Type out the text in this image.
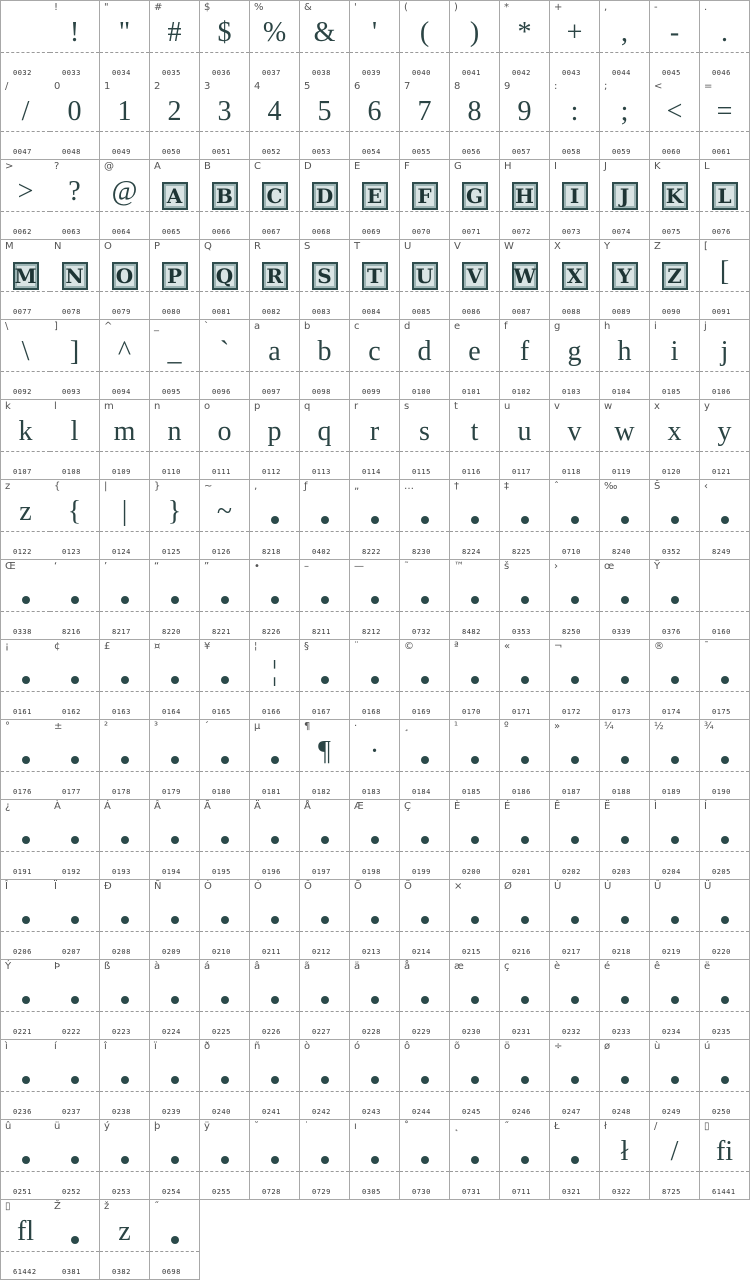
0032
!
!
0033
"
"
0034
#
#
0035
$
$
0036
%
%
0037
&
&
0038
'
'
0039
(
(
0040
)
)
0041
*
*
0042
+
+
0043
,
,
0044
-
-
0045
.
.
0046
/
/
0047
0
0
0048
1
1
0049
2
2
0050
3
3
0051
4
4
0052
5
5
0053
6
6
0054
7
7
0055
8
8
0056
9
9
0057
:
:
0058
;
;
0059
<
<
0060
=
=
0061
>
>
0062
?
?
0063
@
@
0064
A
A
0065
B
B
0066
C
C
0067
D
D
0068
E
E
0069
F
F
0070
G
G
0071
H
H
0072
I
I
0073
J
J
0074
K
K
0075
L
L
0076
M
M
0077
N
N
0078
O
O
0079
P
P
0080
Q
Q
0081
R
R
0082
S
S
0083
T
T
0084
U
U
0085
V
V
0086
W
W
0087
X
X
0088
Y
Y
0089
Z
Z
0090
[
[
0091
\
\
0092
]
]
0093
^
^
0094
_
_
0095
`
`
0096
a
a
0097
b
b
0098
c
c
0099
d
d
0100
e
e
0101
f
f
0102
g
g
0103
h
h
0104
i
i
0105
j
j
0106
k
k
0107
l
l
0108
m
m
0109
n
n
0110
o
o
0111
p
p
0112
q
q
0113
r
r
0114
s
s
0115
t
t
0116
u
u
0117
v
v
0118
w
w
0119
x
x
0120
y
y
0121
z
z
0122
{
{
0123
|
|
0124
}
}
0125
~
~
0126
‚
8218
ƒ
0402
„
8222
…
8230
†
8224
‡
8225
ˆ
0710
‰
8240
Š
0352
‹
8249
Œ
0338
‘
8216
’
8217
“
8220
”
8221
•
8226
–
8211
—
8212
˜
0732
™
8482
š
0353
›
8250
œ
0339
Ÿ
0376	0160
¡
0161
¢
0162
£
0163
¤
0164
¥
0165
¦
¦
0166
§
0167
¨
0168
©
0169
ª
0170
«
0171
¬
0172	0173
®
0174
¯
0175
°
0176
±
0177
²
0178
³
0179
´
0180
µ
0181
¶
¶
0182
·
·
0183
¸
0184
¹
0185
º
0186
»
0187
¼
0188
½
0189
¾
0190
¿
0191
À
0192
Á
0193
Â
0194
Ã
0195
Ä
0196
Å
0197
Æ
0198
Ç
0199
È
0200
É
0201
Ê
0202
Ë
0203
Ì
0204
Í
0205
Î
0206
Ï
0207
Ð
0208
Ñ
0209
Ò
0210
Ó
0211
Ô
0212
Õ
0213
Ö
0214
×
0215
Ø
0216
Ù
0217
Ú
0218
Û
0219
Ü
0220
Ý
0221
Þ
0222
ß
0223
à
0224
á
0225
â
0226
ã
0227
ä
0228
å
0229
æ
0230
ç
0231
è
0232
é
0233
ê
0234
ë
0235
ì
0236
í
0237
î
0238
ï
0239
ð
0240
ñ
0241
ò
0242
ó
0243
ô
0244
õ
0245
ö
0246
÷
0247
ø
0248
ù
0249
ú
0250
û
0251
ü
0252
ý
0253
þ
0254
ÿ
0255
˘
0728
˙
0729
ı
0305
˚
0730
˛
0731
˝
0711
Ł
0321
ł
ł
0322
/
/
8725
▯
fi
61441
▯
fl
61442
Ž
0381
ž
z
0382
˝
0698
